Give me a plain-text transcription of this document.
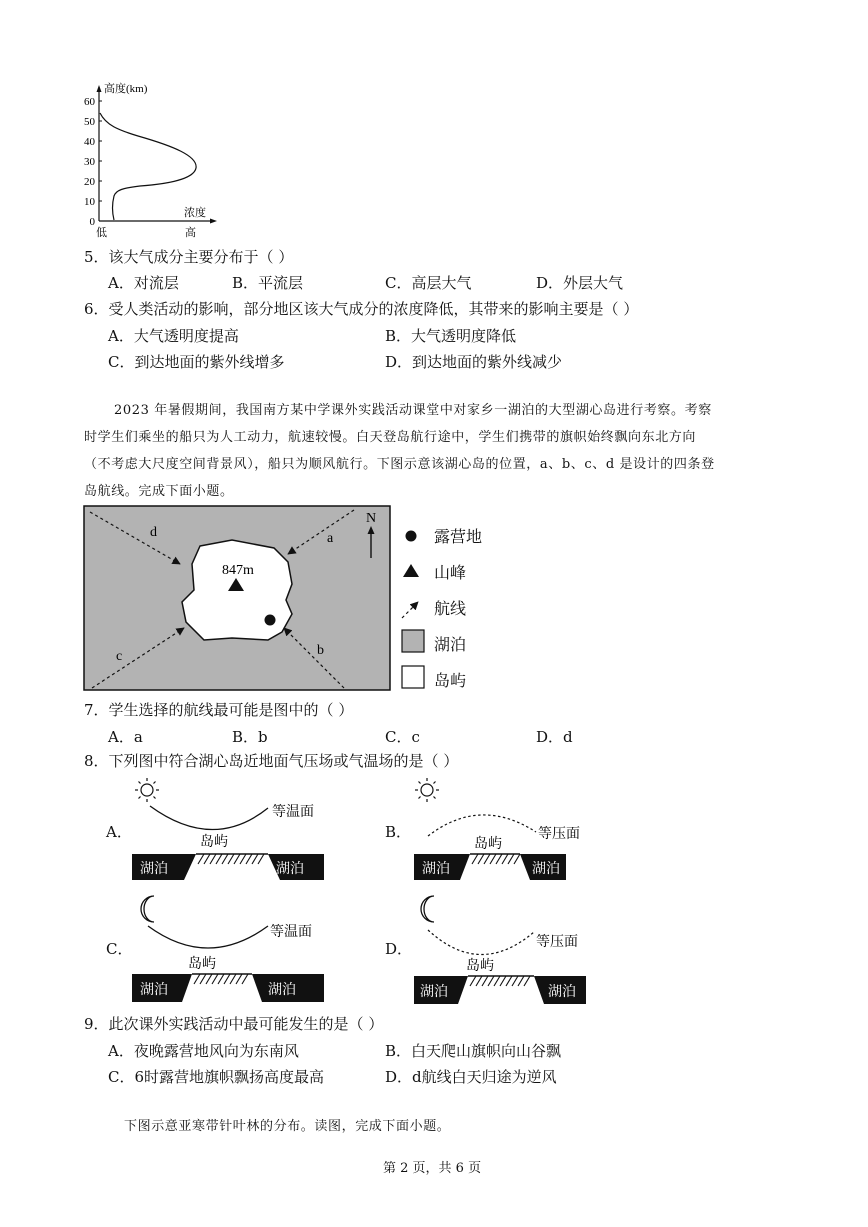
高度(km)
60
50
40
30
20
10
0
浓度
低	高
5．该大气成分主要分布于（ ）
A．对流层	B．平流层	C．高层大气	D．外层大气
6．受人类活动的影响，部分地区该大气成分的浓度降低，其带来的影响主要是（ ）
A．大气透明度提高	B．大气透明度降低
C．到达地面的紫外线增多	D．到达地面的紫外线减少
2023 年暑假期间，我国南方某中学课外实践活动课堂中对家乡一湖泊的大型湖心岛进行考察。考察
时学生们乘坐的船只为人工动力，航速较慢。白天登岛航行途中，学生们携带的旗帜始终飘向东北方向
（不考虑大尺度空间背景风），船只为顺风航行。下图示意该湖心岛的位置，a、b、c、d 是设计的四条登
岛航线。完成下面小题。
a
b
c
d
847m
N
露营地
山峰
航线
湖泊
岛屿
7．学生选择的航线最可能是图中的（ ）
A．a	B．b	C．c	D．d
8．下列图中符合湖心岛近地面气压场或气温场的是（ ）
A．
等温面
岛屿
湖泊	湖泊
B．	等压面
岛屿
湖泊	湖泊
C．
等温面
岛屿
湖泊	湖泊
D．	等压面
岛屿
湖泊	湖泊
9．此次课外实践活动中最可能发生的是（ ）
A．夜晚露营地风向为东南风	B．白天爬山旗帜向山谷飘
C．6时露营地旗帜飘扬高度最高	D．d航线白天归途为逆风
下图示意亚寒带针叶林的分布。读图，完成下面小题。
第 2 页，共 6 页
